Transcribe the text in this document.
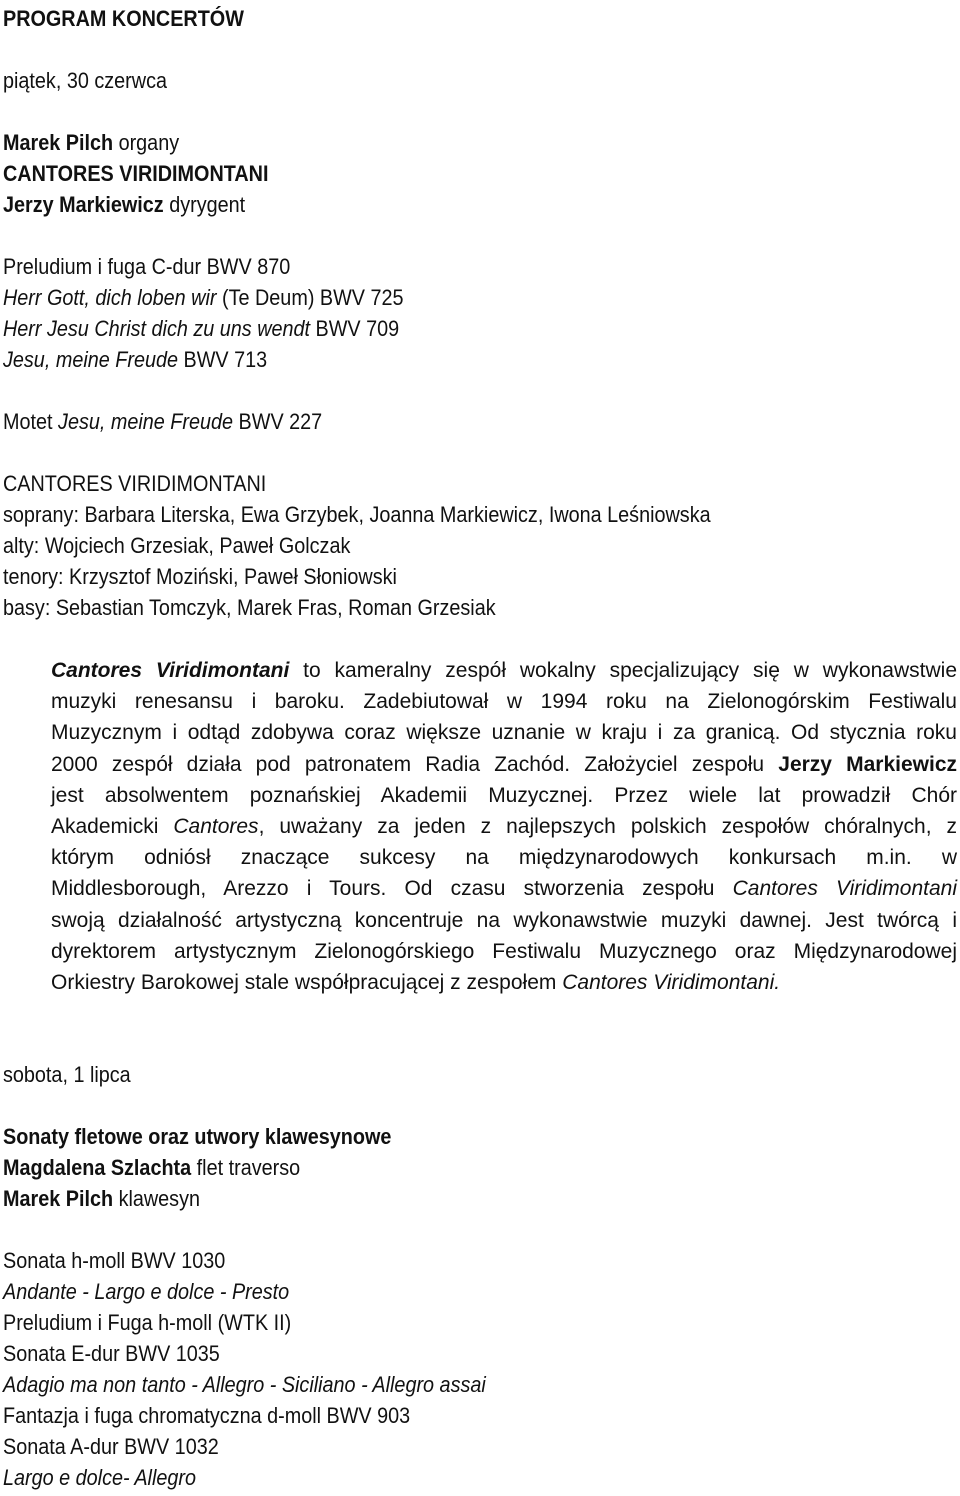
PROGRAM KONCERTÓW
piątek, 30 czerwca
Marek Pilch organy
CANTORES VIRIDIMONTANI
Jerzy Markiewicz dyrygent
Preludium i fuga C-dur BWV 870
Herr Gott, dich loben wir (Te Deum) BWV 725
Herr Jesu Christ dich zu uns wendt BWV 709
Jesu, meine Freude BWV 713
Motet Jesu, meine Freude BWV 227
CANTORES VIRIDIMONTANI
soprany: Barbara Literska, Ewa Grzybek, Joanna Markiewicz, Iwona Leśniowska
alty: Wojciech Grzesiak, Paweł Golczak
tenory: Krzysztof Moziński, Paweł Słoniowski
basy: Sebastian Tomczyk, Marek Fras, Roman Grzesiak
Cantores Viridimontani to kameralny zespół wokalny specjalizujący się w wykonawstwie
muzyki renesansu i baroku. Zadebiutował w 1994 roku na Zielonogórskim Festiwalu
Muzycznym i odtąd zdobywa coraz większe uznanie w kraju i za granicą. Od stycznia roku
2000 zespół działa pod patronatem Radia Zachód. Założyciel zespołu Jerzy Markiewicz
jest absolwentem poznańskiej Akademii Muzycznej. Przez wiele lat prowadził Chór
Akademicki Cantores, uważany za jeden z najlepszych polskich zespołów chóralnych, z
którym odniósł znaczące sukcesy na międzynarodowych konkursach m.in. w
Middlesborough, Arezzo i Tours. Od czasu stworzenia zespołu Cantores Viridimontani
swoją działalność artystyczną koncentruje na wykonawstwie muzyki dawnej. Jest twórcą i
dyrektorem artystycznym Zielonogórskiego Festiwalu Muzycznego oraz Międzynarodowej
Orkiestry Barokowej stale współpracującej z zespołem Cantores Viridimontani.
sobota, 1 lipca
Sonaty fletowe oraz utwory klawesynowe
Magdalena Szlachta flet traverso
Marek Pilch klawesyn
Sonata h-moll BWV 1030
Andante - Largo e dolce - Presto
Preludium i Fuga h-moll (WTK II)
Sonata E-dur BWV 1035
Adagio ma non tanto - Allegro - Siciliano - Allegro assai
Fantazja i fuga chromatyczna d-moll BWV 903
Sonata A-dur BWV 1032
Largo e dolce- Allegro
